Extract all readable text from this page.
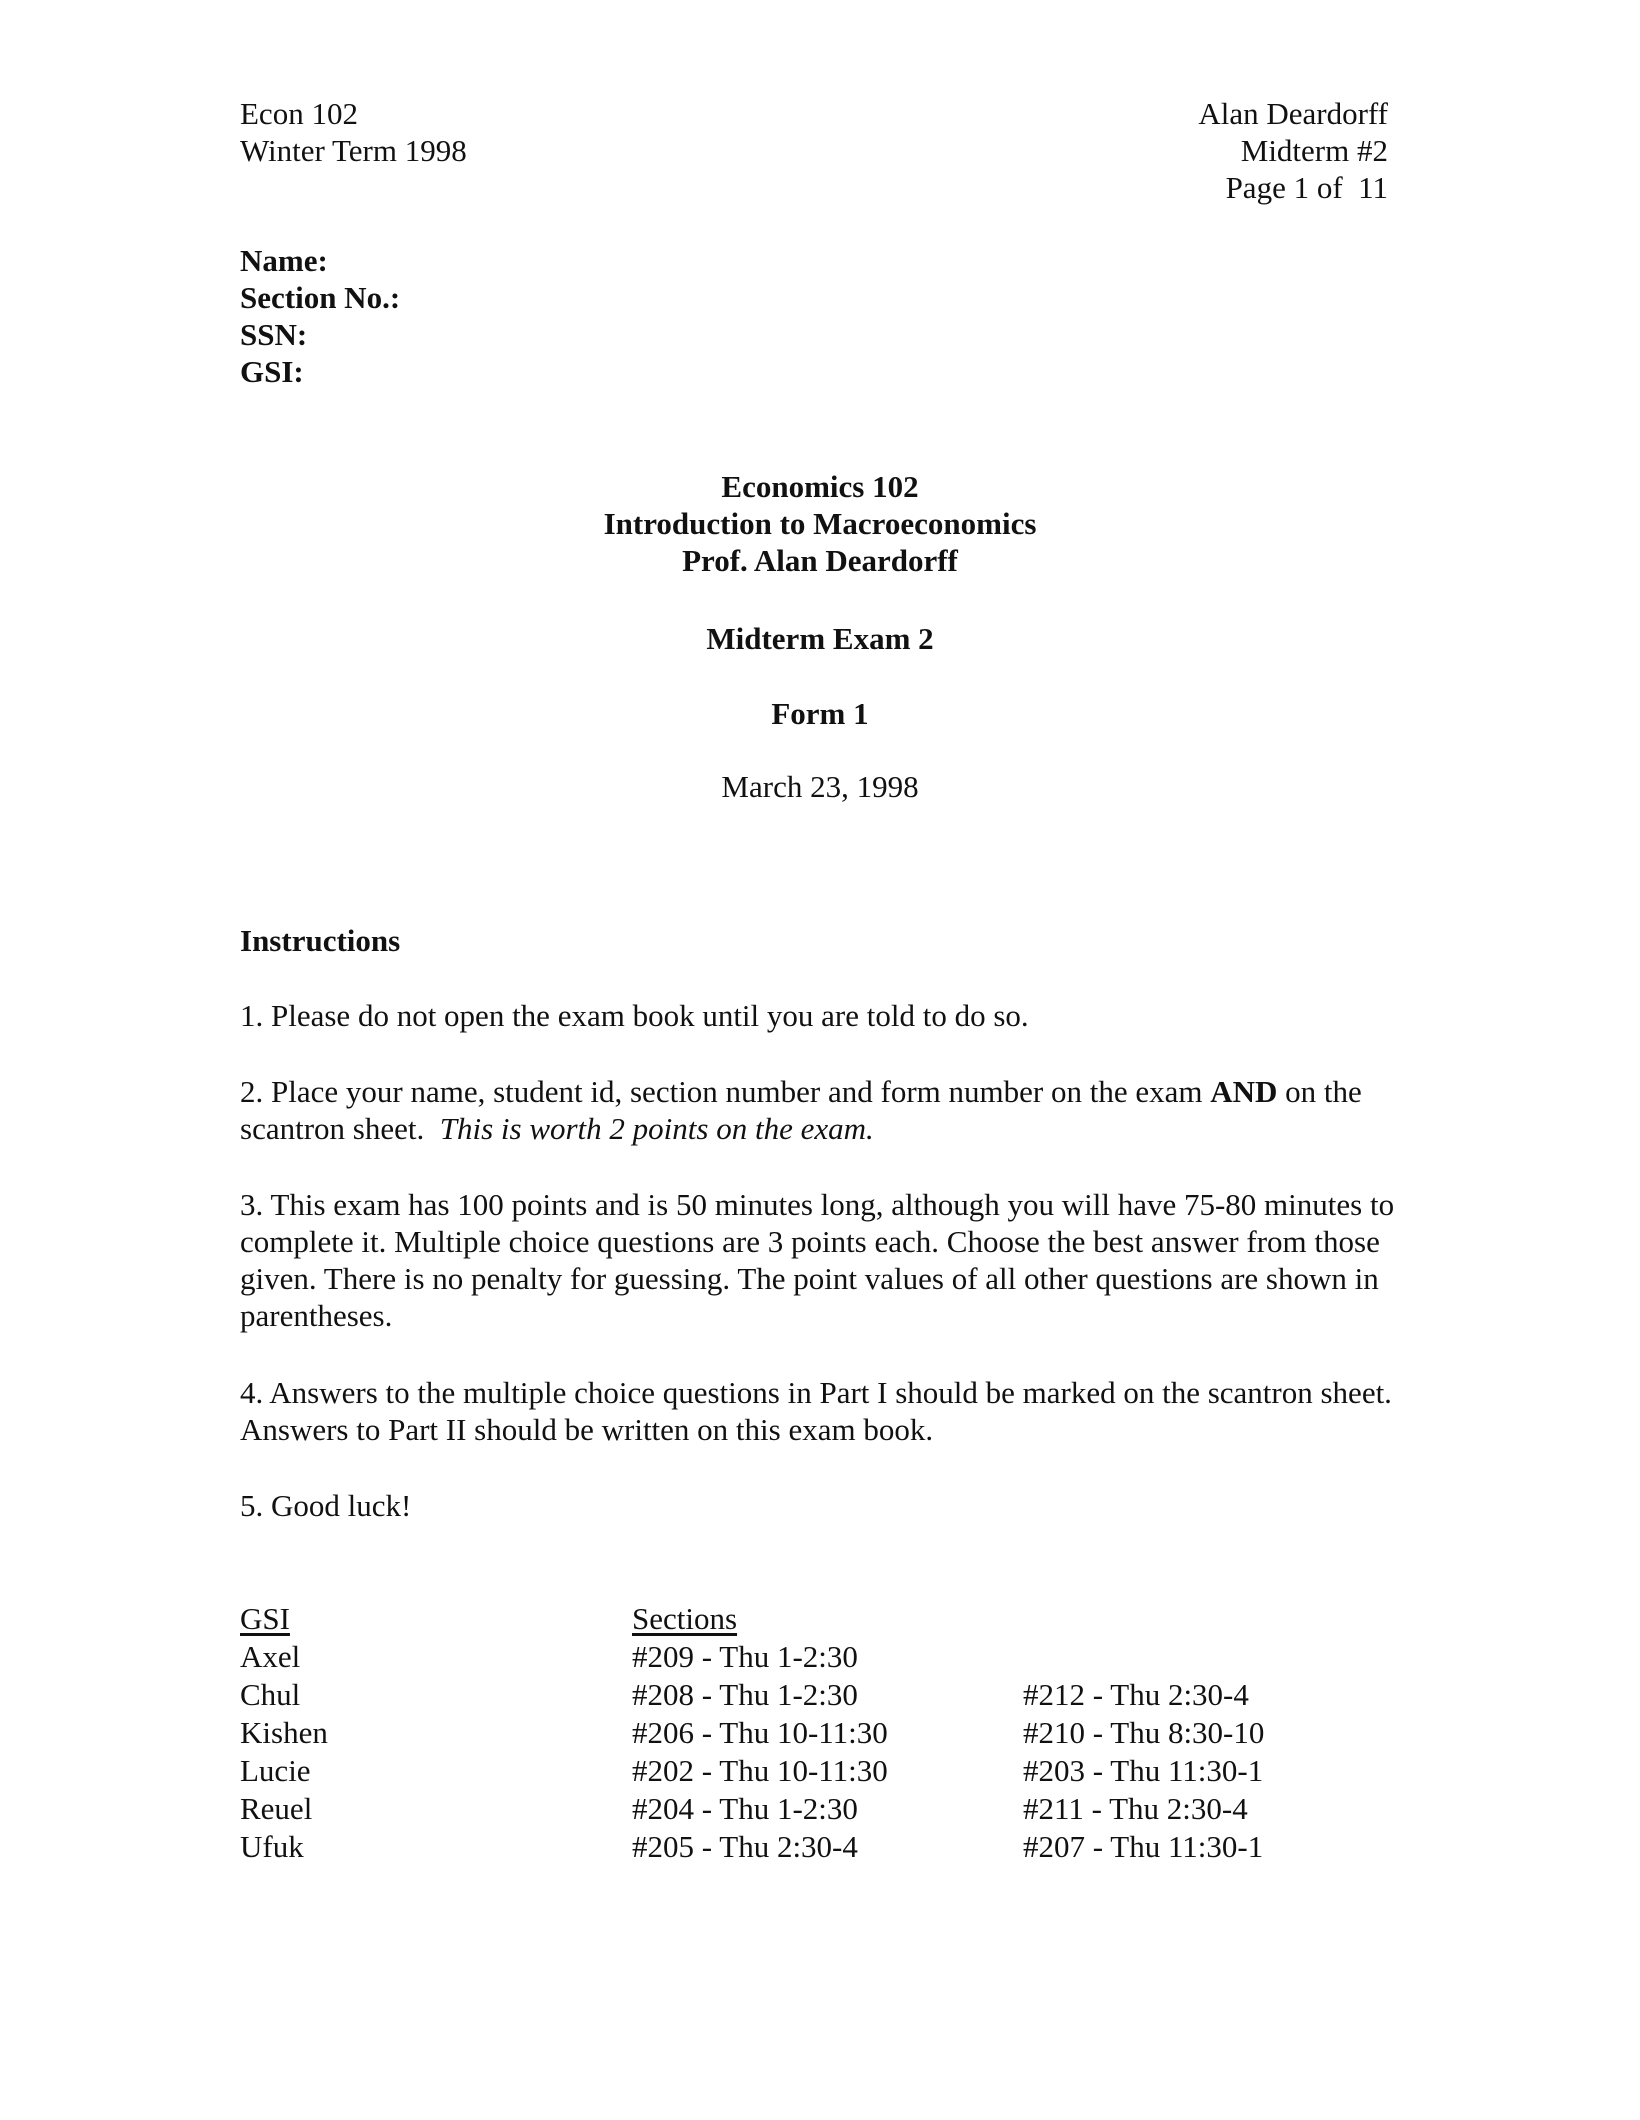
Econ 102
Winter Term 1998
Alan Deardorff
Midterm #2
Page 1 of  11
Name:
Section No.:
SSN:
GSI:
Economics 102
Introduction to Macroeconomics
Prof. Alan Deardorff
Midterm Exam 2
Form 1
March 23, 1998
Instructions

1. Please do not open the exam book until you are told to do so.

2. Place your name, student id, section number and form number on the exam AND on the scantron sheet.  This is worth 2 points on the exam.

3. This exam has 100 points and is 50 minutes long, although you will have 75-80 minutes to complete it. Multiple choice questions are 3 points each. Choose the best answer from those given. There is no penalty for guessing. The point values of all other questions are shown in parentheses.

4. Answers to the multiple choice questions in Part I should be marked on the scantron sheet. Answers to Part II should be written on this exam book.

5. Good luck!

GSI	Sections
Axel	#209 - Thu 1-2:30
Chul	#208 - Thu 1-2:30	#212 - Thu 2:30-4
Kishen	#206 - Thu 10-11:30	#210 - Thu 8:30-10
Lucie	#202 - Thu 10-11:30	#203 - Thu 11:30-1
Reuel	#204 - Thu 1-2:30	#211 - Thu 2:30-4
Ufuk	#205 - Thu 2:30-4	#207 - Thu 11:30-1
